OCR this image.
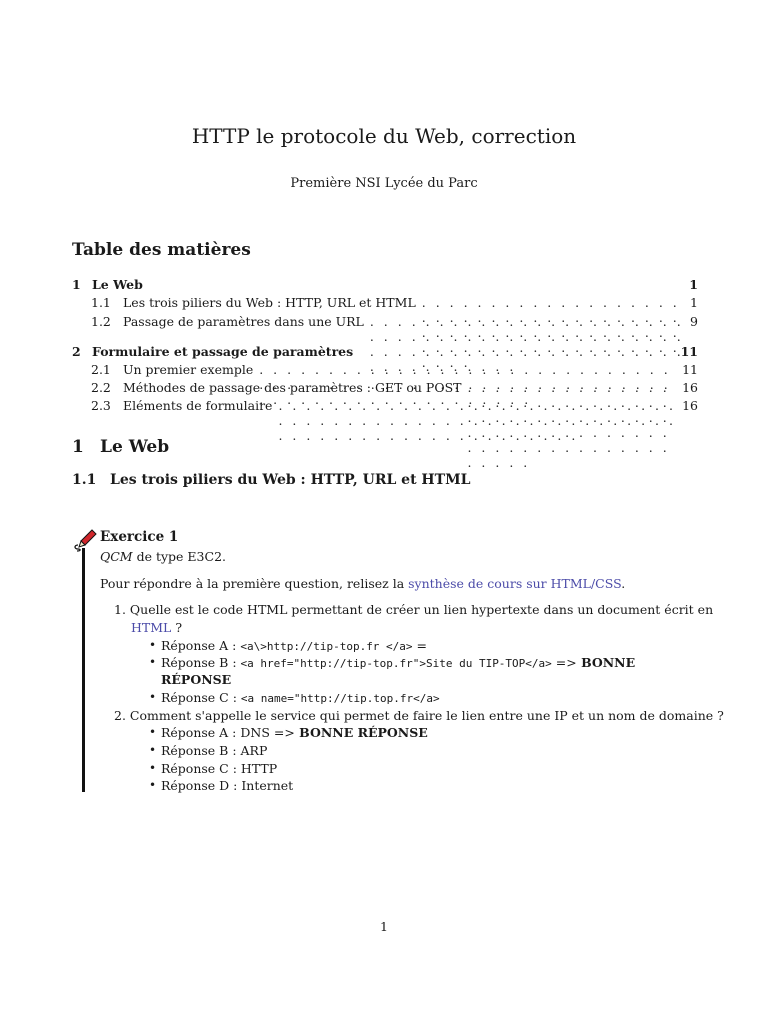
HTTP le protocole du Web, correction
Première NSI Lycée du Parc
Table des matières
1 Le Web	1
1.1 Les trois piliers du Web : HTTP, URL et HTML . . .	1
1.2 Passage de paramètres dans une URL . . .	9
2 Formulaire et passage de paramètres	11
2.1 Un premier exemple . . .	11
2.2 Méthodes de passage des paramètres : GET ou POST . . .	16
2.3 Eléments de formulaire . . .	16
1 Le Web
1.1 Les trois piliers du Web : HTTP, URL et HTML
Exercice 1
QCM de type E3C2.
Pour répondre à la première question, relisez la synthèse de cours sur HTML/CSS.
1. Quelle est le code HTML permettant de créer un lien hypertexte dans un document écrit en
HTML ?
• Réponse A : <a\>http://tip-top.fr </a> =
• Réponse B : <a href="http://tip-top.fr">Site du TIP-TOP</a> => BONNE
RÉPONSE
• Réponse C : <a name="http://tip.top.fr</a>
2. Comment s'appelle le service qui permet de faire le lien entre une IP et un nom de domaine ?
• Réponse A : DNS => BONNE RÉPONSE
• Réponse B : ARP
• Réponse C : HTTP
• Réponse D : Internet
1
